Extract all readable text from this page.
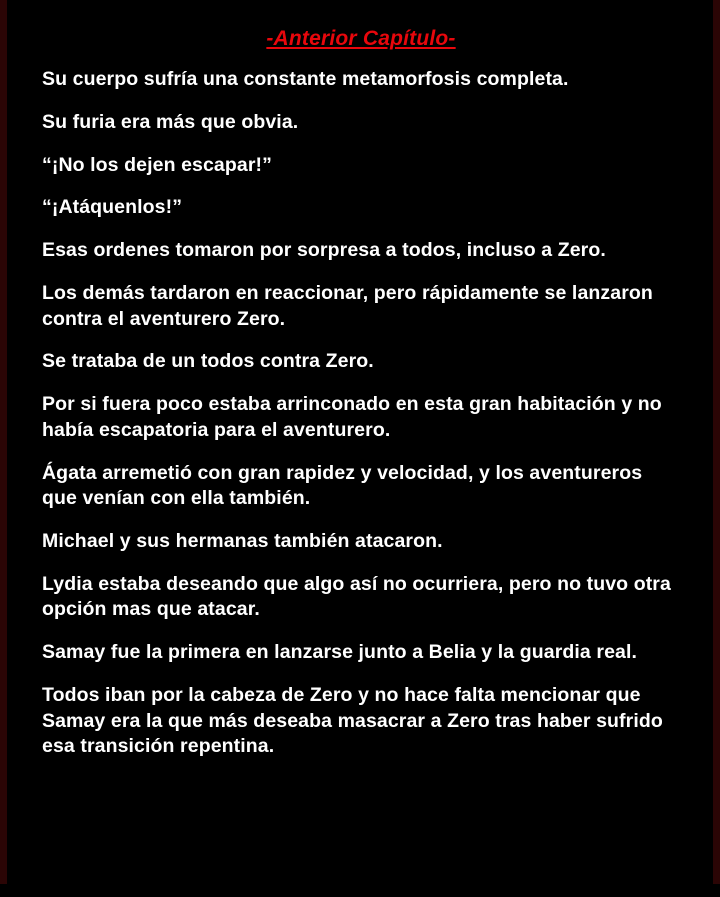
-Anterior Capítulo-

Su cuerpo sufría una constante metamorfosis completa.

Su furia era más que obvia.

“¡No los dejen escapar!”

“¡Atáquenlos!”

Esas ordenes tomaron por sorpresa a todos, incluso a Zero.

Los demás tardaron en reaccionar, pero rápidamente se lanzaron contra el aventurero Zero.

Se trataba de un todos contra Zero.

Por si fuera poco estaba arrinconado en esta gran habitación y no había escapatoria para el aventurero.

Ágata arremetió con gran rapidez y velocidad, y los aventureros que venían con ella también.

Michael y sus hermanas también atacaron.

Lydia estaba deseando que algo así no ocurriera, pero no tuvo otra opción mas que atacar.

Samay fue la primera en lanzarse junto a Belia y la guardia real.

Todos iban por la cabeza de Zero y no hace falta mencionar que Samay era la que más deseaba masacrar a Zero tras haber sufrido esa transición repentina.
